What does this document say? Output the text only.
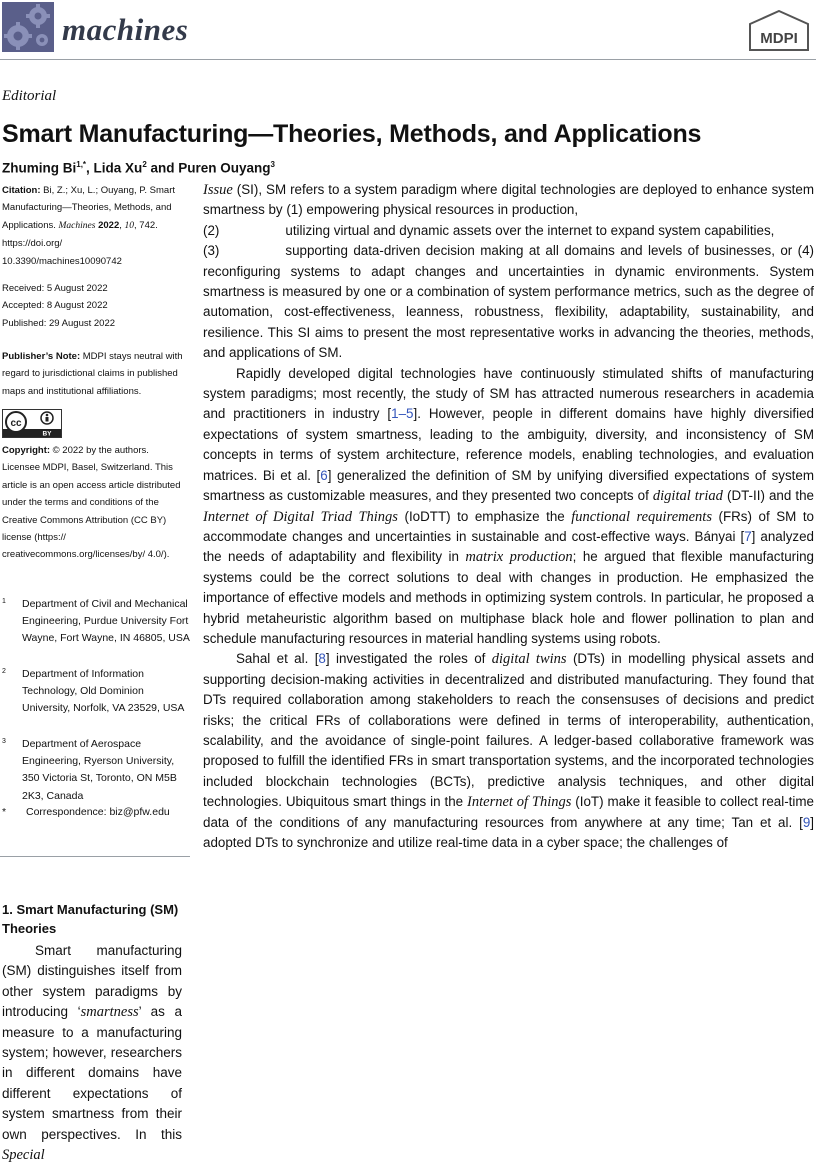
machines	MDPI
Editorial
Smart Manufacturing—Theories, Methods, and Applications
Zhuming $Bi^{1,*}$, Lida Xu$^2$ and Puren Ouyang$^3$
Citation: Bi, Z.; Xu, L.; Ouyang, P. Smart Manufacturing—Theories, Methods, and Applications. Machines 2022, 10, 742. https://doi.org/ 10.3390/machines10090742
Received: 5 August 2022
Accepted: 8 August 2022
Published: 29 August 2022
Publisher’s Note: MDPI stays neutral with regard to jurisdictional claims in published maps and institutional affiliations.
cc
BY
Copyright: © 2022 by the authors. Licensee MDPI, Basel, Switzerland. This article is an open access article distributed under the terms and conditions of the Creative Commons Attribution (CC BY) license (https:// creativecommons.org/licenses/by/ 4.0/).
1 Department of Civil and Mechanical Engineering, Purdue University Fort Wayne, Fort Wayne, IN 46805, USA
2 Department of Information Technology, Old Dominion University, Norfolk, VA 23529, USA
3 Department of Aerospace Engineering, Ryerson University, 350 Victoria St, Toronto, ON M5B 2K3, Canada
* Correspondence: biz@pfw.edu
1. Smart Manufacturing (SM) Theories
Smart manufacturing (SM) distinguishes itself from other system paradigms by introducing ‘smartness’ as a measure to a manufacturing system; however, researchers in different domains have different expectations of system smartness from their own perspectives. In this Special

Issue (SI), SM refers to a system paradigm where digital technologies are deployed to enhance system smartness by (1) empowering physical resources in production,
(2)	utilizing virtual and dynamic assets over the internet to expand system capabilities,
(3)	supporting data-driven decision making at all domains and levels of businesses, or (4) reconfiguring systems to adapt changes and uncertainties in dynamic environments. System smartness is measured by one or a combination of system performance metrics, such as the degree of automation, cost-effectiveness, leanness, robustness, flexibility, adaptability, sustainability, and resilience. This SI aims to present the most representative works in advancing the theories, methods, and applications of SM.

Rapidly developed digital technologies have continuously stimulated shifts of manufacturing system paradigms; most recently, the study of SM has attracted numerous researchers in academia and practitioners in industry [1–5]. However, people in different domains have highly diversified expectations of system smartness, leading to the ambiguity, diversity, and inconsistency of SM concepts in terms of system architecture, reference models, enabling technologies, and evaluation matrices. Bi et al. [6] generalized the definition of SM by unifying diversified expectations of system smartness as customizable measures, and they presented two concepts of digital triad (DT-II) and the Internet of Digital Triad Things (IoDTT) to emphasize the functional requirements (FRs) of SM to accommodate changes and uncertainties in sustainable and cost-effective ways. Bányai [7] analyzed the needs of adaptability and flexibility in matrix production; he argued that flexible manufacturing systems could be the correct solutions to deal with changes in production. He emphasized the importance of effective models and methods in optimizing system controls. In particular, he proposed a hybrid metaheuristic algorithm based on multiphase black hole and flower pollination to plan and schedule manufacturing resources in material handling systems using robots.

Sahal et al. [8] investigated the roles of digital twins (DTs) in modelling physical assets and supporting decision-making activities in decentralized and distributed manufacturing. They found that DTs required collaboration among stakeholders to reach the consensuses of decisions and predict risks; the critical FRs of collaborations were defined in terms of interoperability, authentication, scalability, and the avoidance of single-point failures. A ledger-based collaborative framework was proposed to fulfill the identified FRs in smart transportation systems, and the incorporated technologies included blockchain technologies (BCTs), predictive analysis techniques, and other digital technologies. Ubiquitous smart things in the Internet of Things (IoT) make it feasible to collect real-time data of the conditions of any manufacturing resources from anywhere at any time; Tan et al. [9] adopted DTs to synchronize and utilize real-time data in a cyber space; the challenges of
